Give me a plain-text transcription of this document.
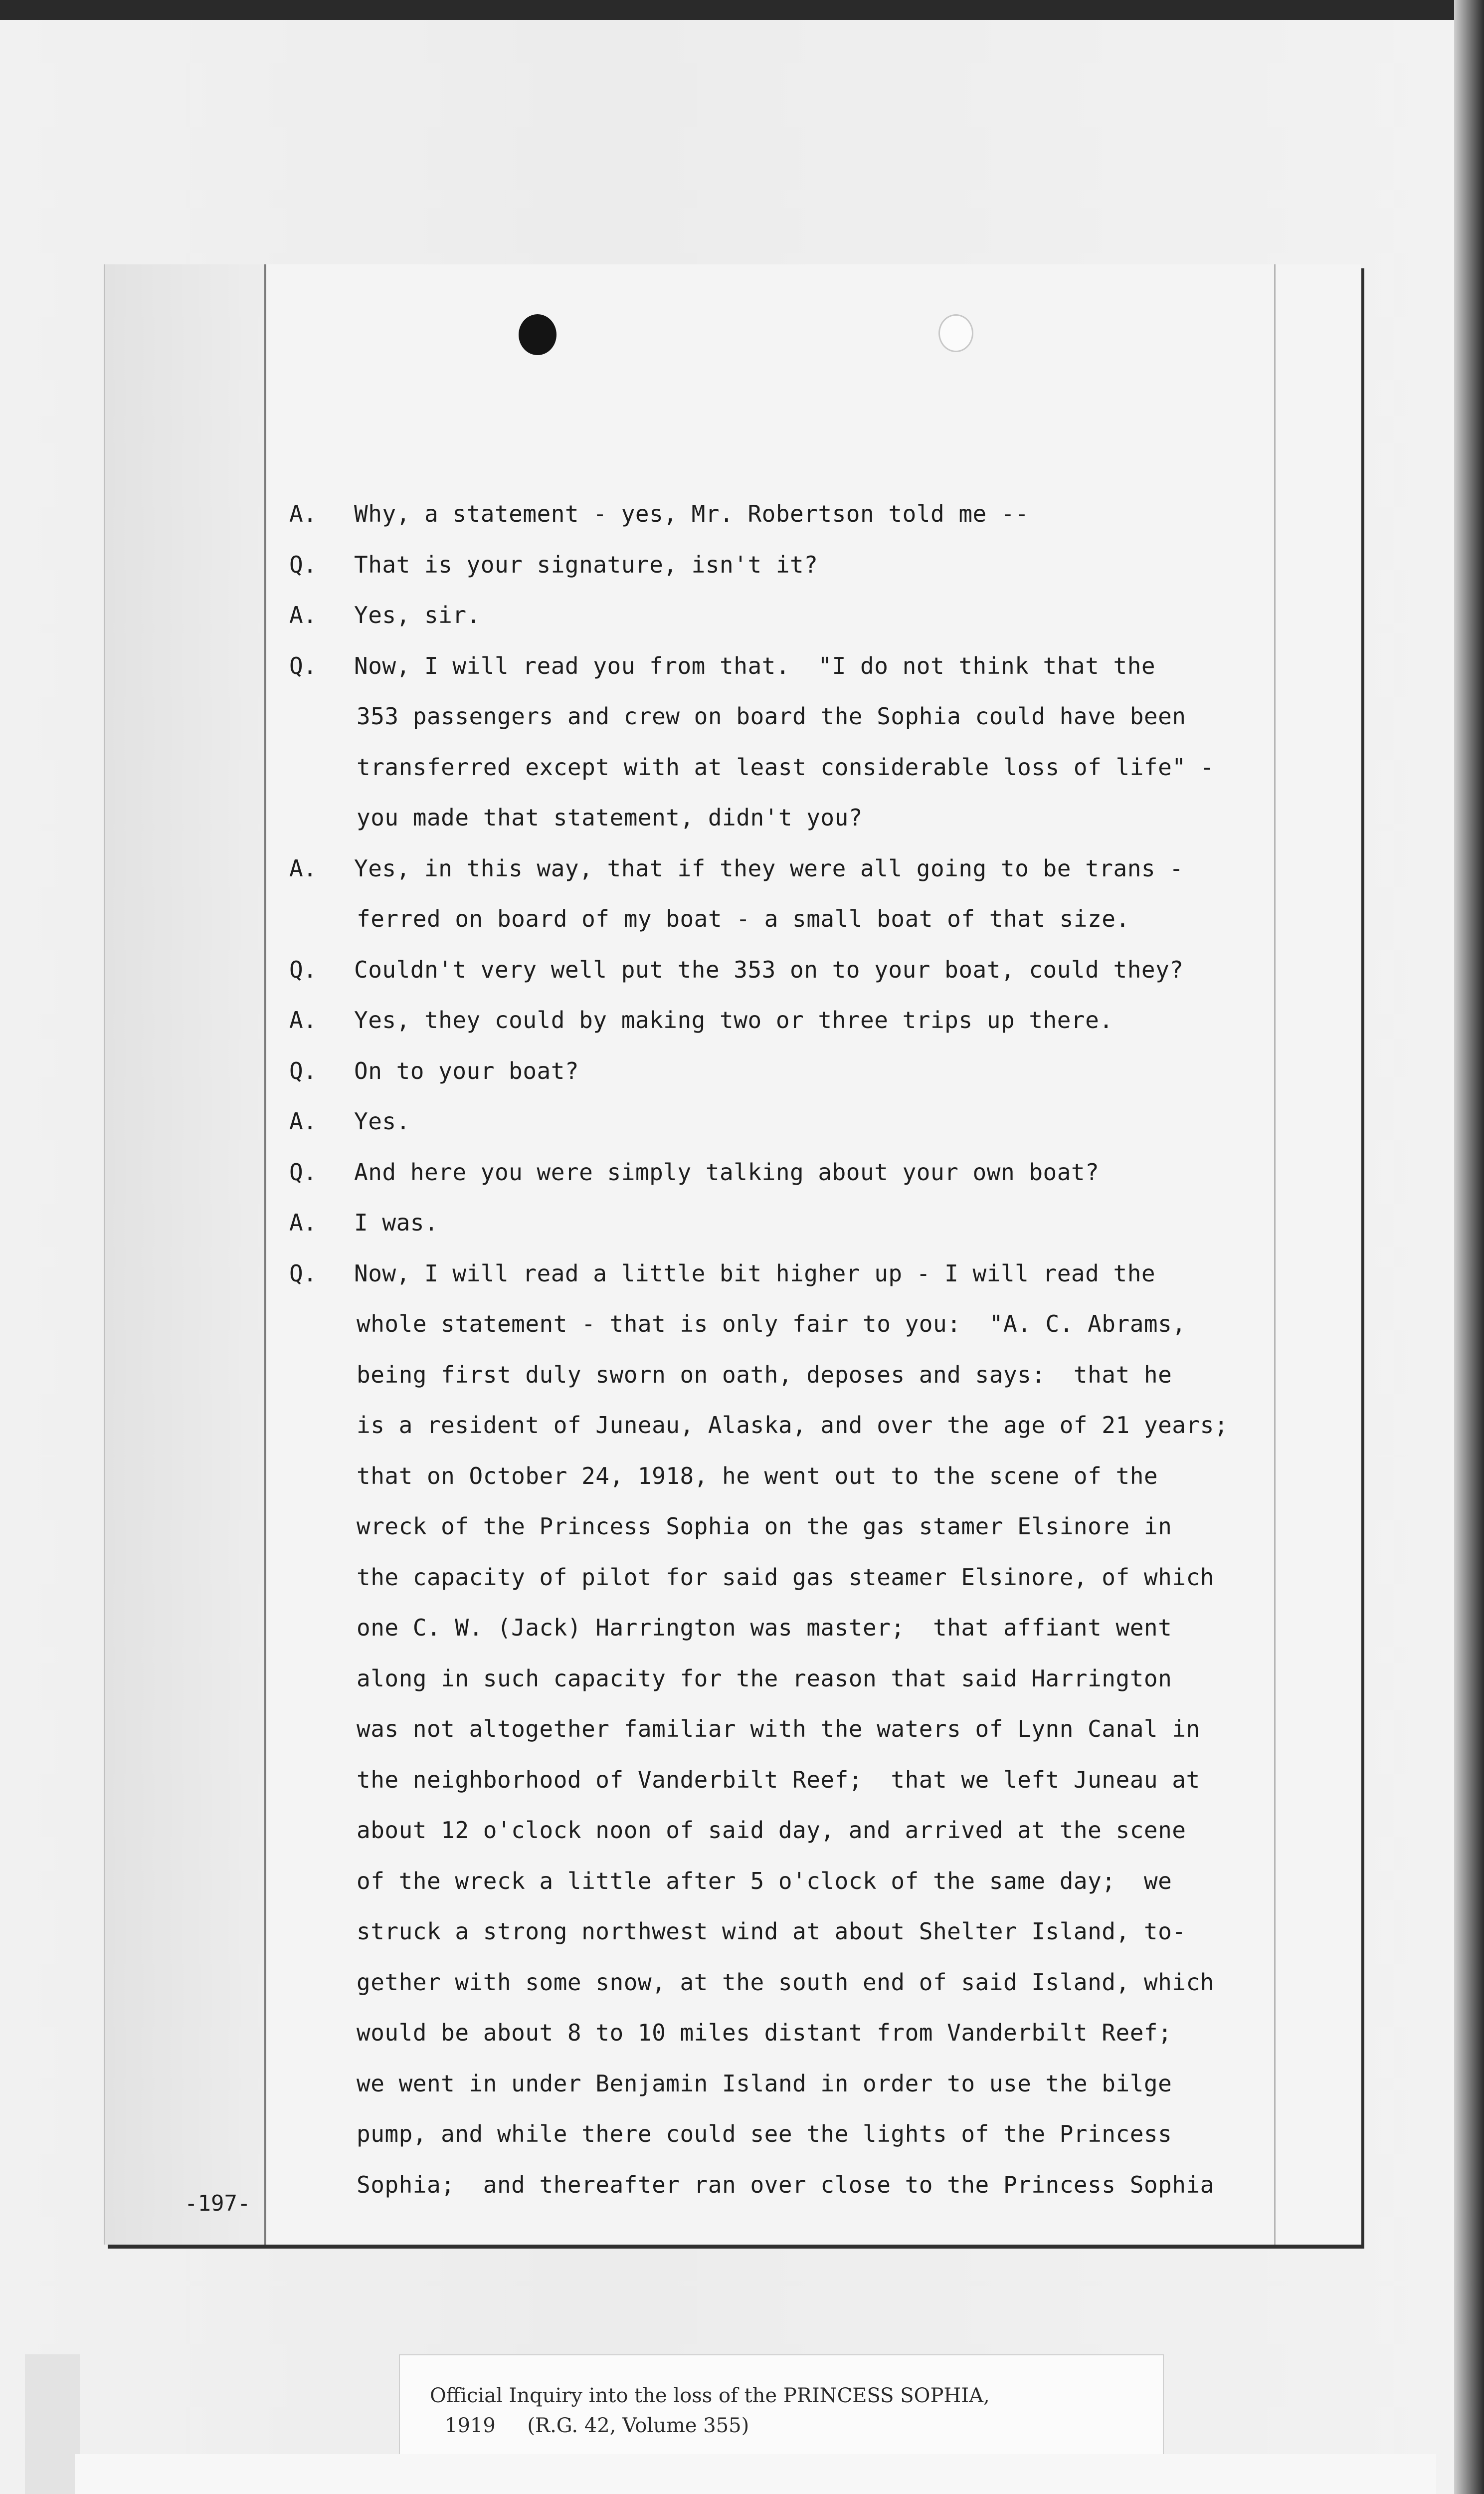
A. Why, a statement - yes, Mr. Robertson told me --
Q. That is your signature, isn't it?
A. Yes, sir.
Q. Now, I will read you from that.  "I do not think that the
353 passengers and crew on board the Sophia could have been
transferred except with at least considerable loss of life" -
you made that statement, didn't you?
A. Yes, in this way, that if they were all going to be trans -
ferred on board of my boat - a small boat of that size.
Q. Couldn't very well put the 353 on to your boat, could they?
A. Yes, they could by making two or three trips up there.
Q. On to your boat?
A. Yes.
Q. And here you were simply talking about your own boat?
A. I was.
Q. Now, I will read a little bit higher up - I will read the
whole statement - that is only fair to you:  "A. C. Abrams,
being first duly sworn on oath, deposes and says:  that he
is a resident of Juneau, Alaska, and over the age of 21 years;
that on October 24, 1918, he went out to the scene of the
wreck of the Princess Sophia on the gas stamer Elsinore in
the capacity of pilot for said gas steamer Elsinore, of which
one C. W. (Jack) Harrington was master;  that affiant went
along in such capacity for the reason that said Harrington
was not altogether familiar with the waters of Lynn Canal in
the neighborhood of Vanderbilt Reef;  that we left Juneau at
about 12 o'clock noon of said day, and arrived at the scene
of the wreck a little after 5 o'clock of the same day;  we
struck a strong northwest wind at about Shelter Island, to-
gether with some snow, at the south end of said Island, which
would be about 8 to 10 miles distant from Vanderbilt Reef;
we went in under Benjamin Island in order to use the bilge
pump, and while there could see the lights of the Princess
Sophia;  and thereafter ran over close to the Princess Sophia
-197-
Official Inquiry into the loss of the PRINCESS SOPHIA,
1919     (R.G. 42, Volume 355)
